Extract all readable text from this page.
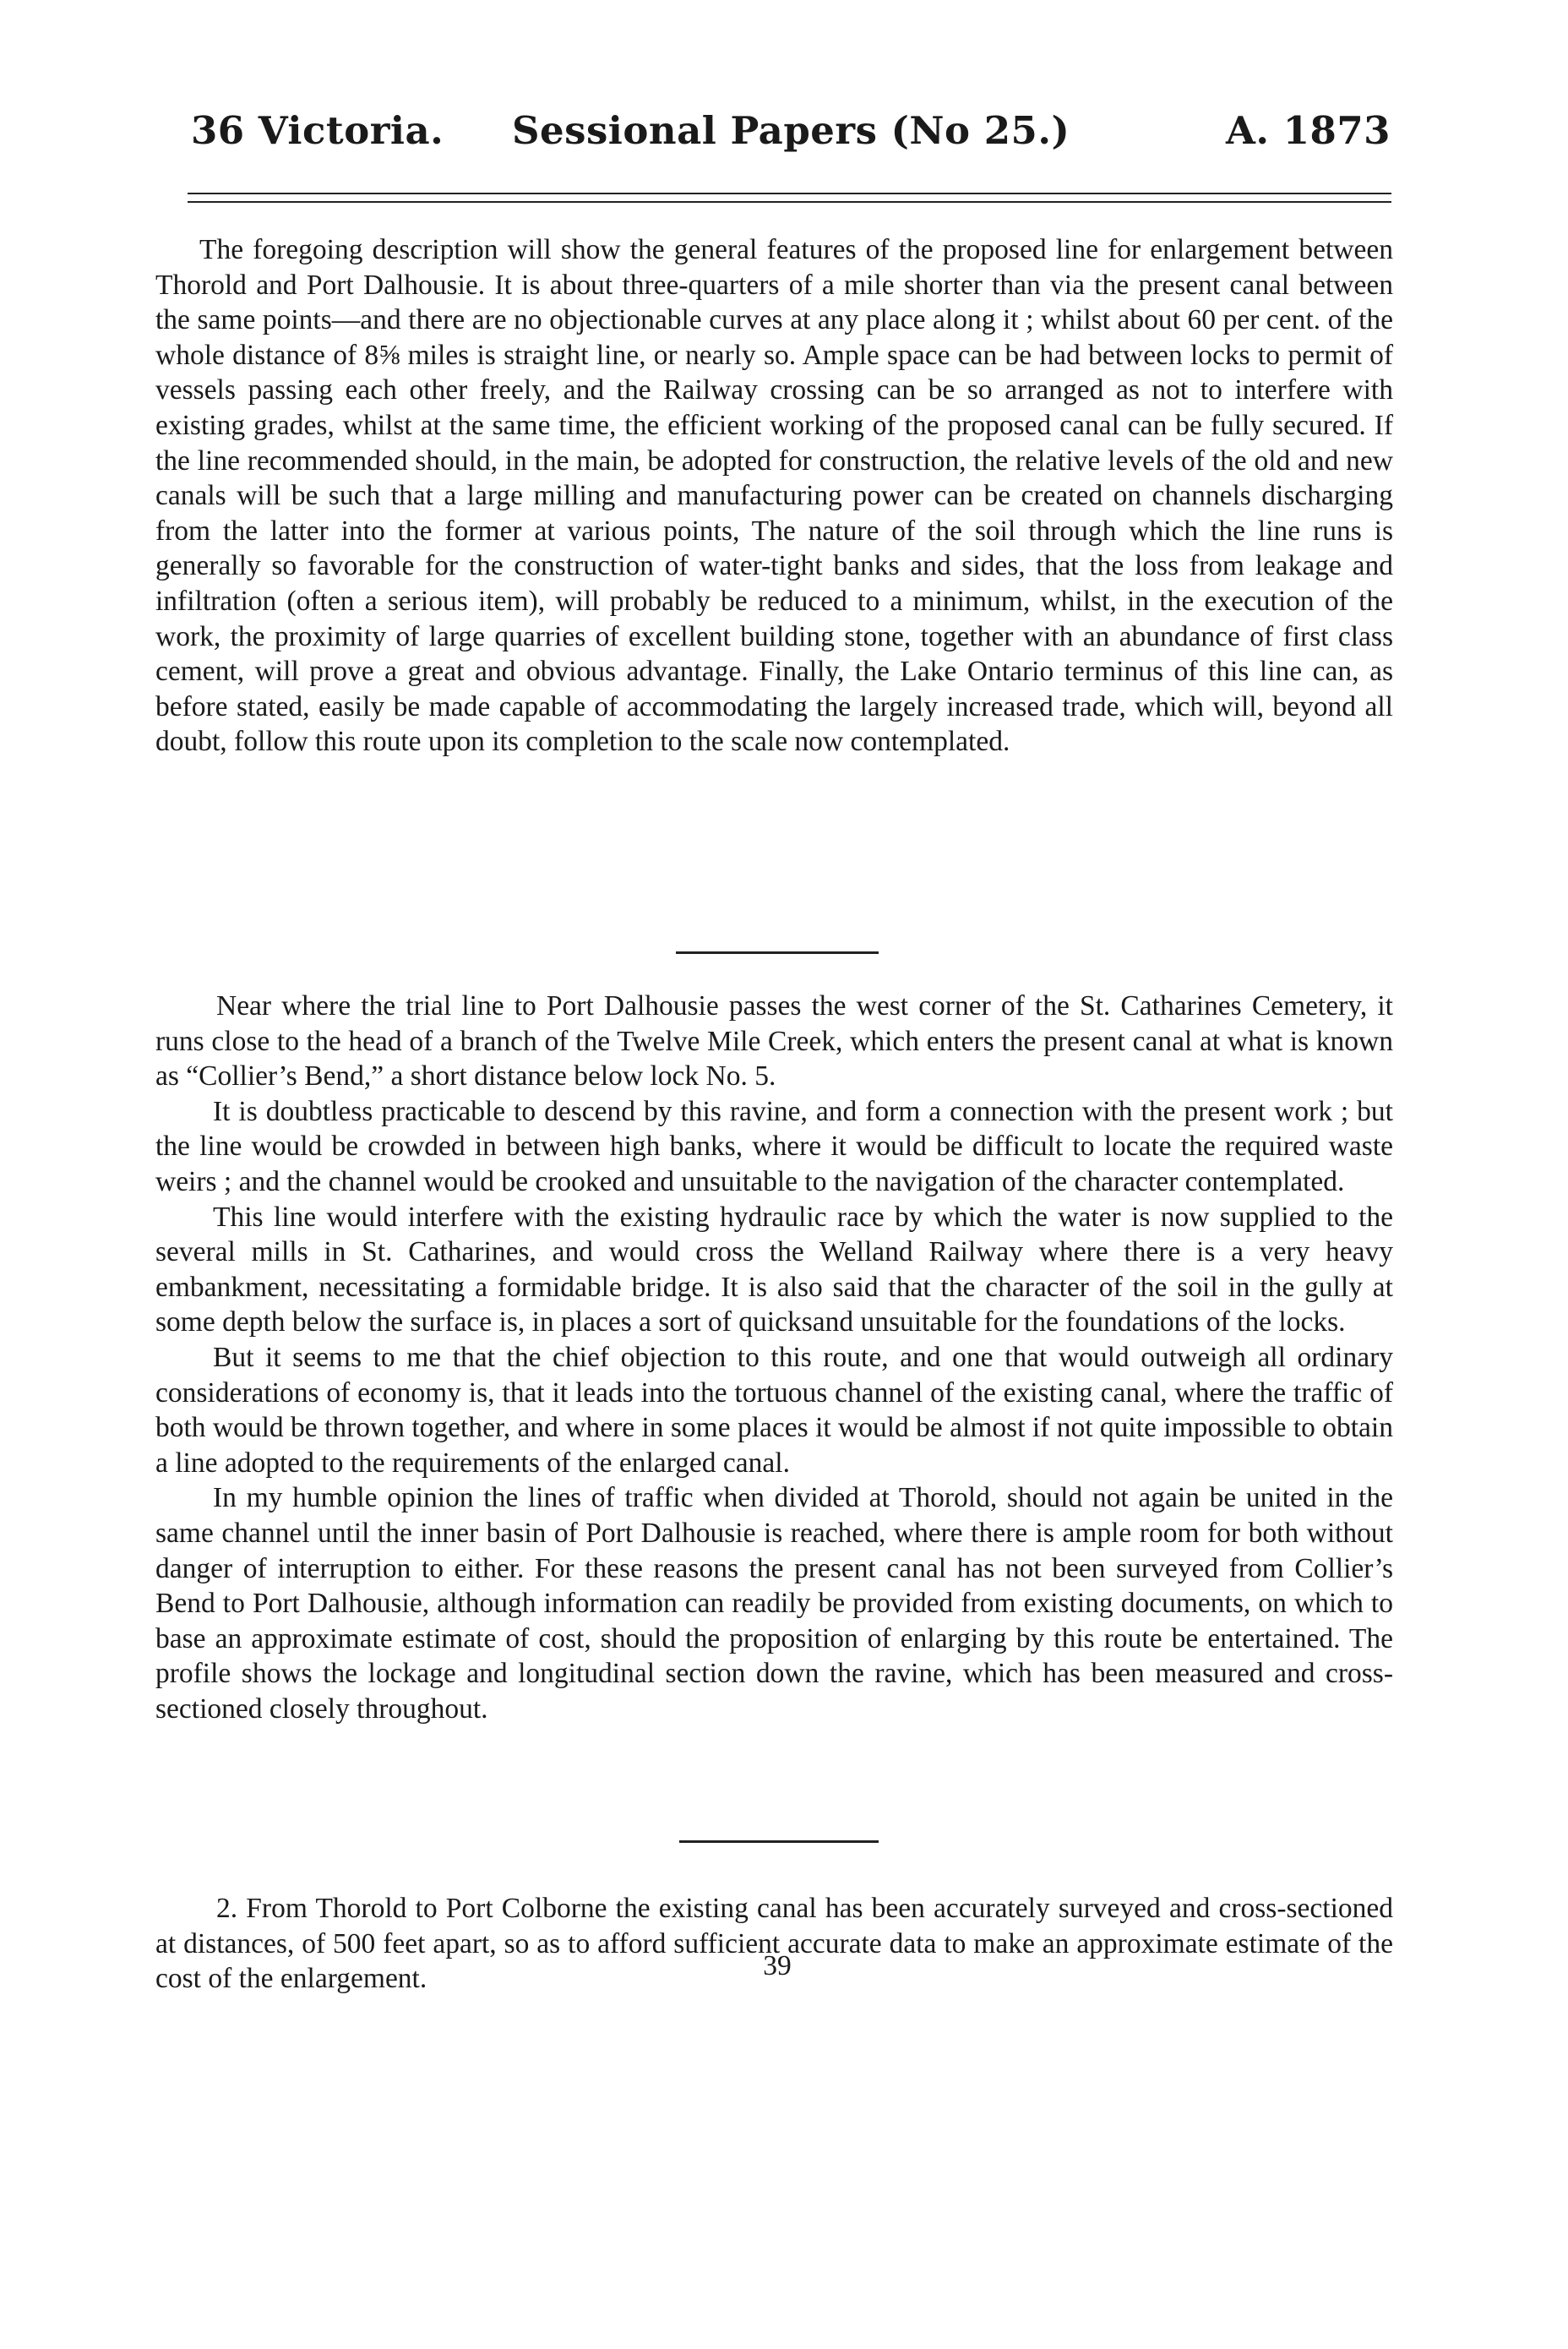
36 Victoria. Sessional Papers (No 25.)	A. 1873

The foregoing description will show the general features of the proposed line for enlargement between Thorold and Port Dalhousie. It is about three-quarters of a mile shorter than via the present canal between the same points—and there are no objectionable curves at any place along it ; whilst about 60 per cent. of the whole distance of 8⅝ miles is straight line, or nearly so. Ample space can be had between locks to permit of vessels passing each other freely, and the Railway crossing can be so arranged as not to interfere with existing grades, whilst at the same time, the efficient working of the proposed canal can be fully secured. If the line recommended should, in the main, be adopted for construction, the relative levels of the old and new canals will be such that a large milling and manufacturing power can be created on channels discharging from the latter into the former at various points, The nature of the soil through which the line runs is generally so favorable for the construction of water-tight banks and sides, that the loss from leakage and infiltration (often a serious item), will probably be reduced to a minimum, whilst, in the execution of the work, the proximity of large quarries of excellent building stone, together with an abundance of first class cement, will prove a great and obvious advantage. Finally, the Lake Ontario terminus of this line can, as before stated, easily be made capable of accommodating the largely increased trade, which will, beyond all doubt, follow this route upon its completion to the scale now contemplated.

Near where the trial line to Port Dalhousie passes the west corner of the St. Catharines Cemetery, it runs close to the head of a branch of the Twelve Mile Creek, which enters the present canal at what is known as “Collier’s Bend,” a short distance below lock No. 5.

It is doubtless practicable to descend by this ravine, and form a connection with the present work ; but the line would be crowded in between high banks, where it would be difficult to locate the required waste weirs ; and the channel would be crooked and unsuitable to the navigation of the character contemplated.

This line would interfere with the existing hydraulic race by which the water is now supplied to the several mills in St. Catharines, and would cross the Welland Railway where there is a very heavy embankment, necessitating a formidable bridge. It is also said that the character of the soil in the gully at some depth below the surface is, in places a sort of quicksand unsuitable for the foundations of the locks.

But it seems to me that the chief objection to this route, and one that would outweigh all ordinary considerations of economy is, that it leads into the tortuous channel of the existing canal, where the traffic of both would be thrown together, and where in some places it would be almost if not quite impossible to obtain a line adopted to the requirements of the enlarged canal.

In my humble opinion the lines of traffic when divided at Thorold, should not again be united in the same channel until the inner basin of Port Dalhousie is reached, where there is ample room for both without danger of interruption to either. For these reasons the present canal has not been surveyed from Collier’s Bend to Port Dalhousie, although information can readily be provided from existing documents, on which to base an approximate estimate of cost, should the proposition of enlarging by this route be entertained. The profile shows the lockage and longitudinal section down the ravine, which has been measured and cross-sectioned closely throughout.

2. From Thorold to Port Colborne the existing canal has been accurately surveyed and cross-sectioned at distances, of 500 feet apart, so as to afford sufficient accurate data to make an approximate estimate of the cost of the enlargement.	39
